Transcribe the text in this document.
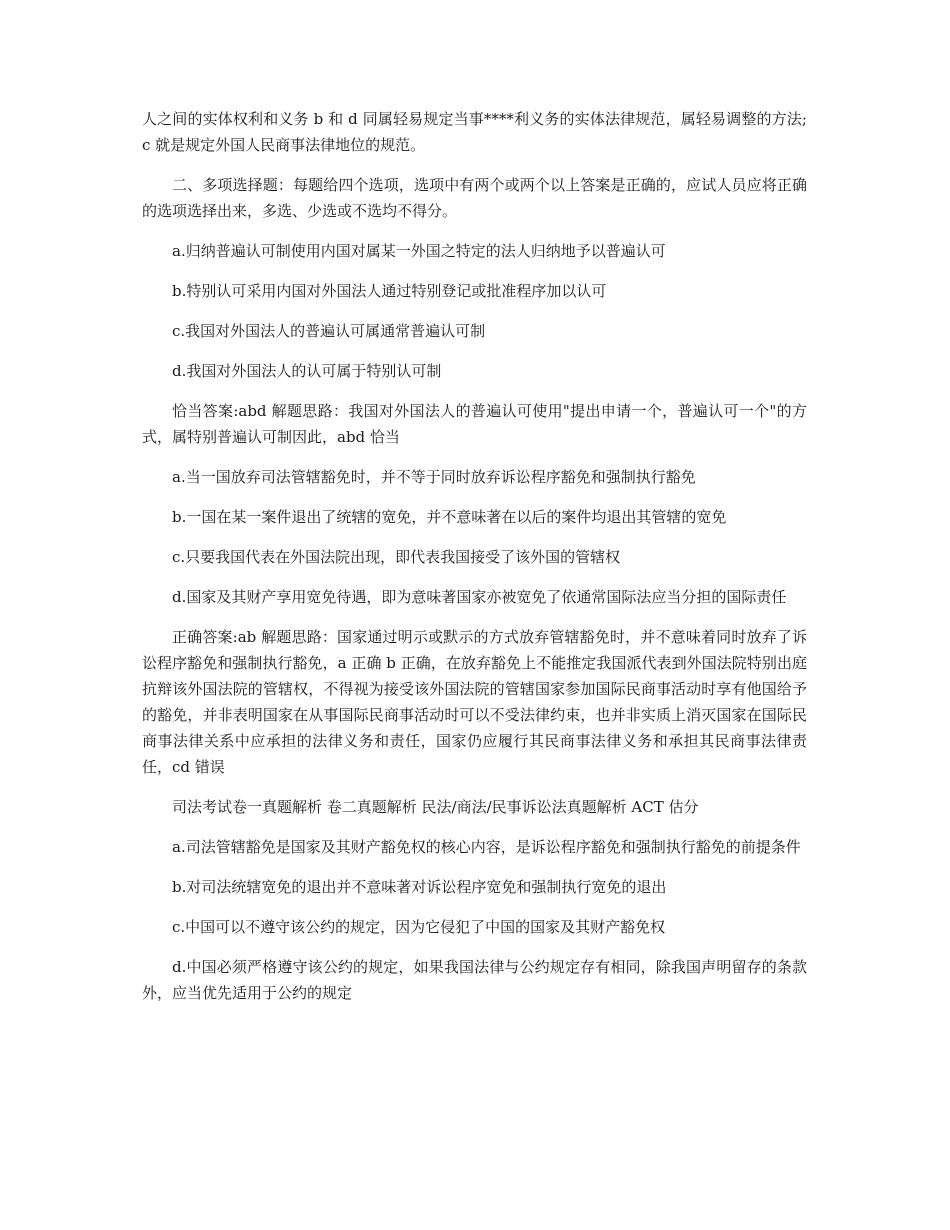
人之间的实体权利和义务 b 和 d 同属轻易规定当事****利义务的实体法律规范，属轻易调整的方法;c 就是规定外国人民商事法律地位的规范。

二、多项选择题：每题给四个选项，选项中有两个或两个以上答案是正确的，应试人员应将正确的选项选择出来，多选、少选或不选均不得分。

a.归纳普遍认可制使用内国对属某一外国之特定的法人归纳地予以普遍认可

b.特别认可采用内国对外国法人通过特别登记或批准程序加以认可

c.我国对外国法人的普遍认可属通常普遍认可制

d.我国对外国法人的认可属于特别认可制

恰当答案:abd 解题思路：我国对外国法人的普遍认可使用"提出申请一个，普遍认可一个"的方式，属特别普遍认可制因此，abd 恰当

a.当一国放弃司法管辖豁免时，并不等于同时放弃诉讼程序豁免和强制执行豁免

b.一国在某一案件退出了统辖的宽免，并不意味著在以后的案件均退出其管辖的宽免

c.只要我国代表在外国法院出现，即代表我国接受了该外国的管辖权

d.国家及其财产享用宽免待遇，即为意味著国家亦被宽免了依通常国际法应当分担的国际责任

正确答案:ab 解题思路：国家通过明示或默示的方式放弃管辖豁免时，并不意味着同时放弃了诉讼程序豁免和强制执行豁免，a 正确 b 正确，在放弃豁免上不能推定我国派代表到外国法院特别出庭抗辩该外国法院的管辖权，不得视为接受该外国法院的管辖国家参加国际民商事活动时享有他国给予的豁免，并非表明国家在从事国际民商事活动时可以不受法律约束，也并非实质上消灭国家在国际民商事法律关系中应承担的法律义务和责任，国家仍应履行其民商事法律义务和承担其民商事法律责任，cd 错误

司法考试卷一真题解析 卷二真题解析 民法/商法/民事诉讼法真题解析 ACT 估分

a.司法管辖豁免是国家及其财产豁免权的核心内容，是诉讼程序豁免和强制执行豁免的前提条件

b.对司法统辖宽免的退出并不意味著对诉讼程序宽免和强制执行宽免的退出

c.中国可以不遵守该公约的规定，因为它侵犯了中国的国家及其财产豁免权

d.中国必须严格遵守该公约的规定，如果我国法律与公约规定存有相同，除我国声明留存的条款外，应当优先适用于公约的规定
